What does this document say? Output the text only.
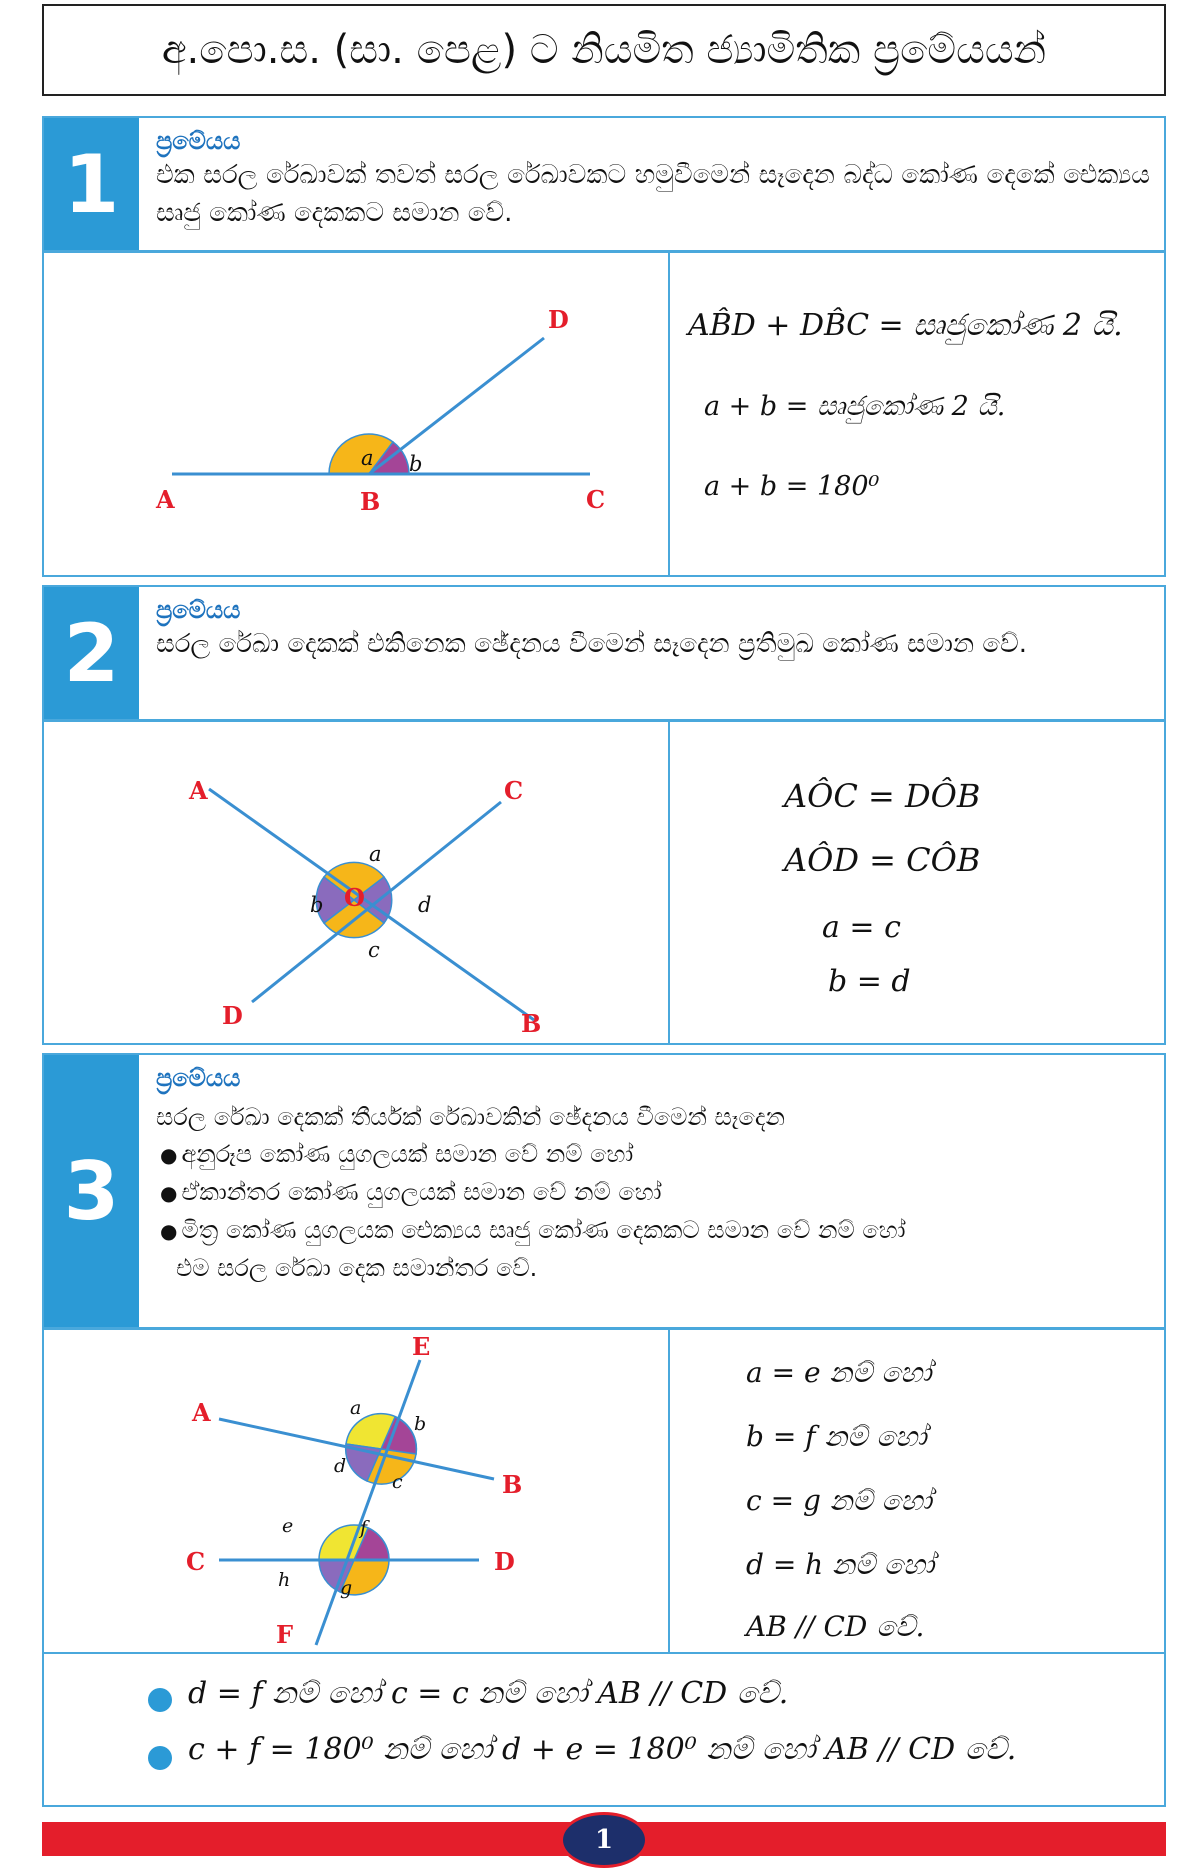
අ.පො.ස. (සා. පෙළ) ට නියමිත ජ්‍යාමිතික ප්‍රමේයයන්
1 ප්‍රමේයය
එක සරල රේඛාවක් තවත් සරල රේඛාවකට හමුවීමෙන් සෑදෙන බද්ධ කෝණ දෙකේ ඓක්‍යය සෘජු කෝණ දෙකකට සමාන වේ.
A	B	C
D
a b
AB̂D + DB̂C = සෘජුකෝණ 2 යි.
a + b = සෘජුකෝණ 2 යි.
a + b = 180⁰
2 ප්‍රමේයය
සරල රේඛා දෙකක් එකිනෙක ඡේදනය වීමෙන් සෑදෙන ප්‍රතිමුඛ කෝණ සමාන වේ.
A	C
D	B
O
a
b
c
d
AÔC = DÔB
AÔD = CÔB
a = c
b = d
3
ප්‍රමේයය
සරල රේඛා දෙකක් තීර්යක් රේඛාවකින් ඡේදනය වීමෙන් සෑදෙන
● අනුරූප කෝණ යුගලයක් සමාන වේ නම් හෝ
● ඒකාන්තර කෝණ යුගලයක් සමාන වේ නම් හෝ
● මිත්‍ර කෝණ යුගලයක ඓක්‍යය සෘජු කෝණ දෙකකට සමාන වේ නම් හෝ
එම සරල රේඛා දෙක සමාන්තර වේ.
E
A
B
C	D
F
a
b
c
d
e	f
g
h
a = e නම් හෝ
b = f නම් හෝ
c = g නම් හෝ
d = h නම් හෝ
AB // CD වේ.
d = f නම් හෝ c = c නම් හෝ AB // CD වේ.
c + f = 180⁰ නම් හෝ d + e = 180⁰ නම් හෝ AB // CD වේ.
1
